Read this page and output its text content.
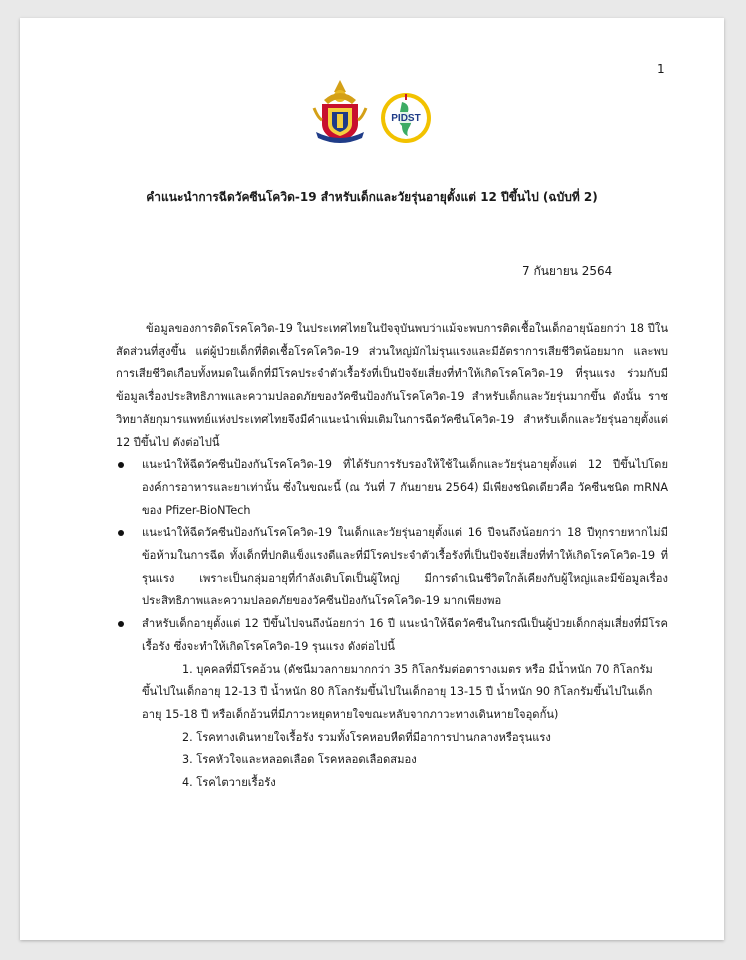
1
PIDST
คำแนะนำการฉีดวัคซีนโควิด-19 สำหรับเด็กและวัยรุ่นอายุตั้งแต่ 12 ปีขึ้นไป (ฉบับที่ 2)
7 กันยายน 2564

ข้อมูลของการติดโรคโควิด-19 ในประเทศไทยในปัจจุบันพบว่าแม้จะพบการติดเชื้อในเด็กอายุน้อยกว่า 18 ปีในสัดส่วนที่สูงขึ้น แต่ผู้ป่วยเด็กที่ติดเชื้อโรคโควิด-19 ส่วนใหญ่มักไม่รุนแรงและมีอัตราการเสียชีวิตน้อยมาก และพบการเสียชีวิตเกือบทั้งหมดในเด็กที่มีโรคประจำตัวเรื้อรังที่เป็นปัจจัยเสี่ยงที่ทำให้เกิดโรคโควิด-19 ที่รุนแรง ร่วมกับมีข้อมูลเรื่องประสิทธิภาพและความปลอดภัยของวัคซีนป้องกันโรคโควิด-19 สำหรับเด็กและวัยรุ่นมากขึ้น ดังนั้น ราชวิทยาลัยกุมารแพทย์แห่งประเทศไทยจึงมีคำแนะนำเพิ่มเติมในการฉีดวัคซีนโควิด-19 สำหรับเด็กและวัยรุ่นอายุตั้งแต่ 12 ปีขึ้นไป ดังต่อไปนี้

แนะนำให้ฉีดวัคซีนป้องกันโรคโควิด-19 ที่ได้รับการรับรองให้ใช้ในเด็กและวัยรุ่นอายุตั้งแต่ 12 ปีขึ้นไปโดยองค์การอาหารและยาเท่านั้น ซึ่งในขณะนี้ (ณ วันที่ 7 กันยายน 2564) มีเพียงชนิดเดียวคือ วัคซีนชนิด mRNA ของ Pfizer-BioNTech
แนะนำให้ฉีดวัคซีนป้องกันโรคโควิด-19 ในเด็กและวัยรุ่นอายุตั้งแต่ 16 ปีจนถึงน้อยกว่า 18 ปีทุกรายหากไม่มีข้อห้ามในการฉีด ทั้งเด็กที่ปกติแข็งแรงดีและที่มีโรคประจำตัวเรื้อรังที่เป็นปัจจัยเสี่ยงที่ทำให้เกิดโรคโควิด-19 ที่รุนแรง เพราะเป็นกลุ่มอายุที่กำลังเติบโตเป็นผู้ใหญ่ มีการดำเนินชีวิตใกล้เคียงกับผู้ใหญ่และมีข้อมูลเรื่องประสิทธิภาพและความปลอดภัยของวัคซีนป้องกันโรคโควิด-19 มากเพียงพอ
สำหรับเด็กอายุตั้งแต่ 12 ปีขึ้นไปจนถึงน้อยกว่า 16 ปี แนะนำให้ฉีดวัคซีนในกรณีเป็นผู้ป่วยเด็กกลุ่มเสี่ยงที่มีโรคเรื้อรัง ซึ่งจะทำให้เกิดโรคโควิด-19 รุนแรง ดังต่อไปนี้
1. บุคคลที่มีโรคอ้วน (ดัชนีมวลกายมากกว่า 35 กิโลกรัมต่อตารางเมตร หรือ มีน้ำหนัก 70 กิโลกรัมขึ้นไปในเด็กอายุ 12-13 ปี น้ำหนัก 80 กิโลกรัมขึ้นไปในเด็กอายุ 13-15 ปี น้ำหนัก 90 กิโลกรัมขึ้นไปในเด็กอายุ 15-18 ปี หรือเด็กอ้วนที่มีภาวะหยุดหายใจขณะหลับจากภาวะทางเดินหายใจอุดกั้น)
2. โรคทางเดินหายใจเรื้อรัง รวมทั้งโรคหอบหืดที่มีอาการปานกลางหรือรุนแรง
3. โรคหัวใจและหลอดเลือด โรคหลอดเลือดสมอง
4. โรคไตวายเรื้อรัง
